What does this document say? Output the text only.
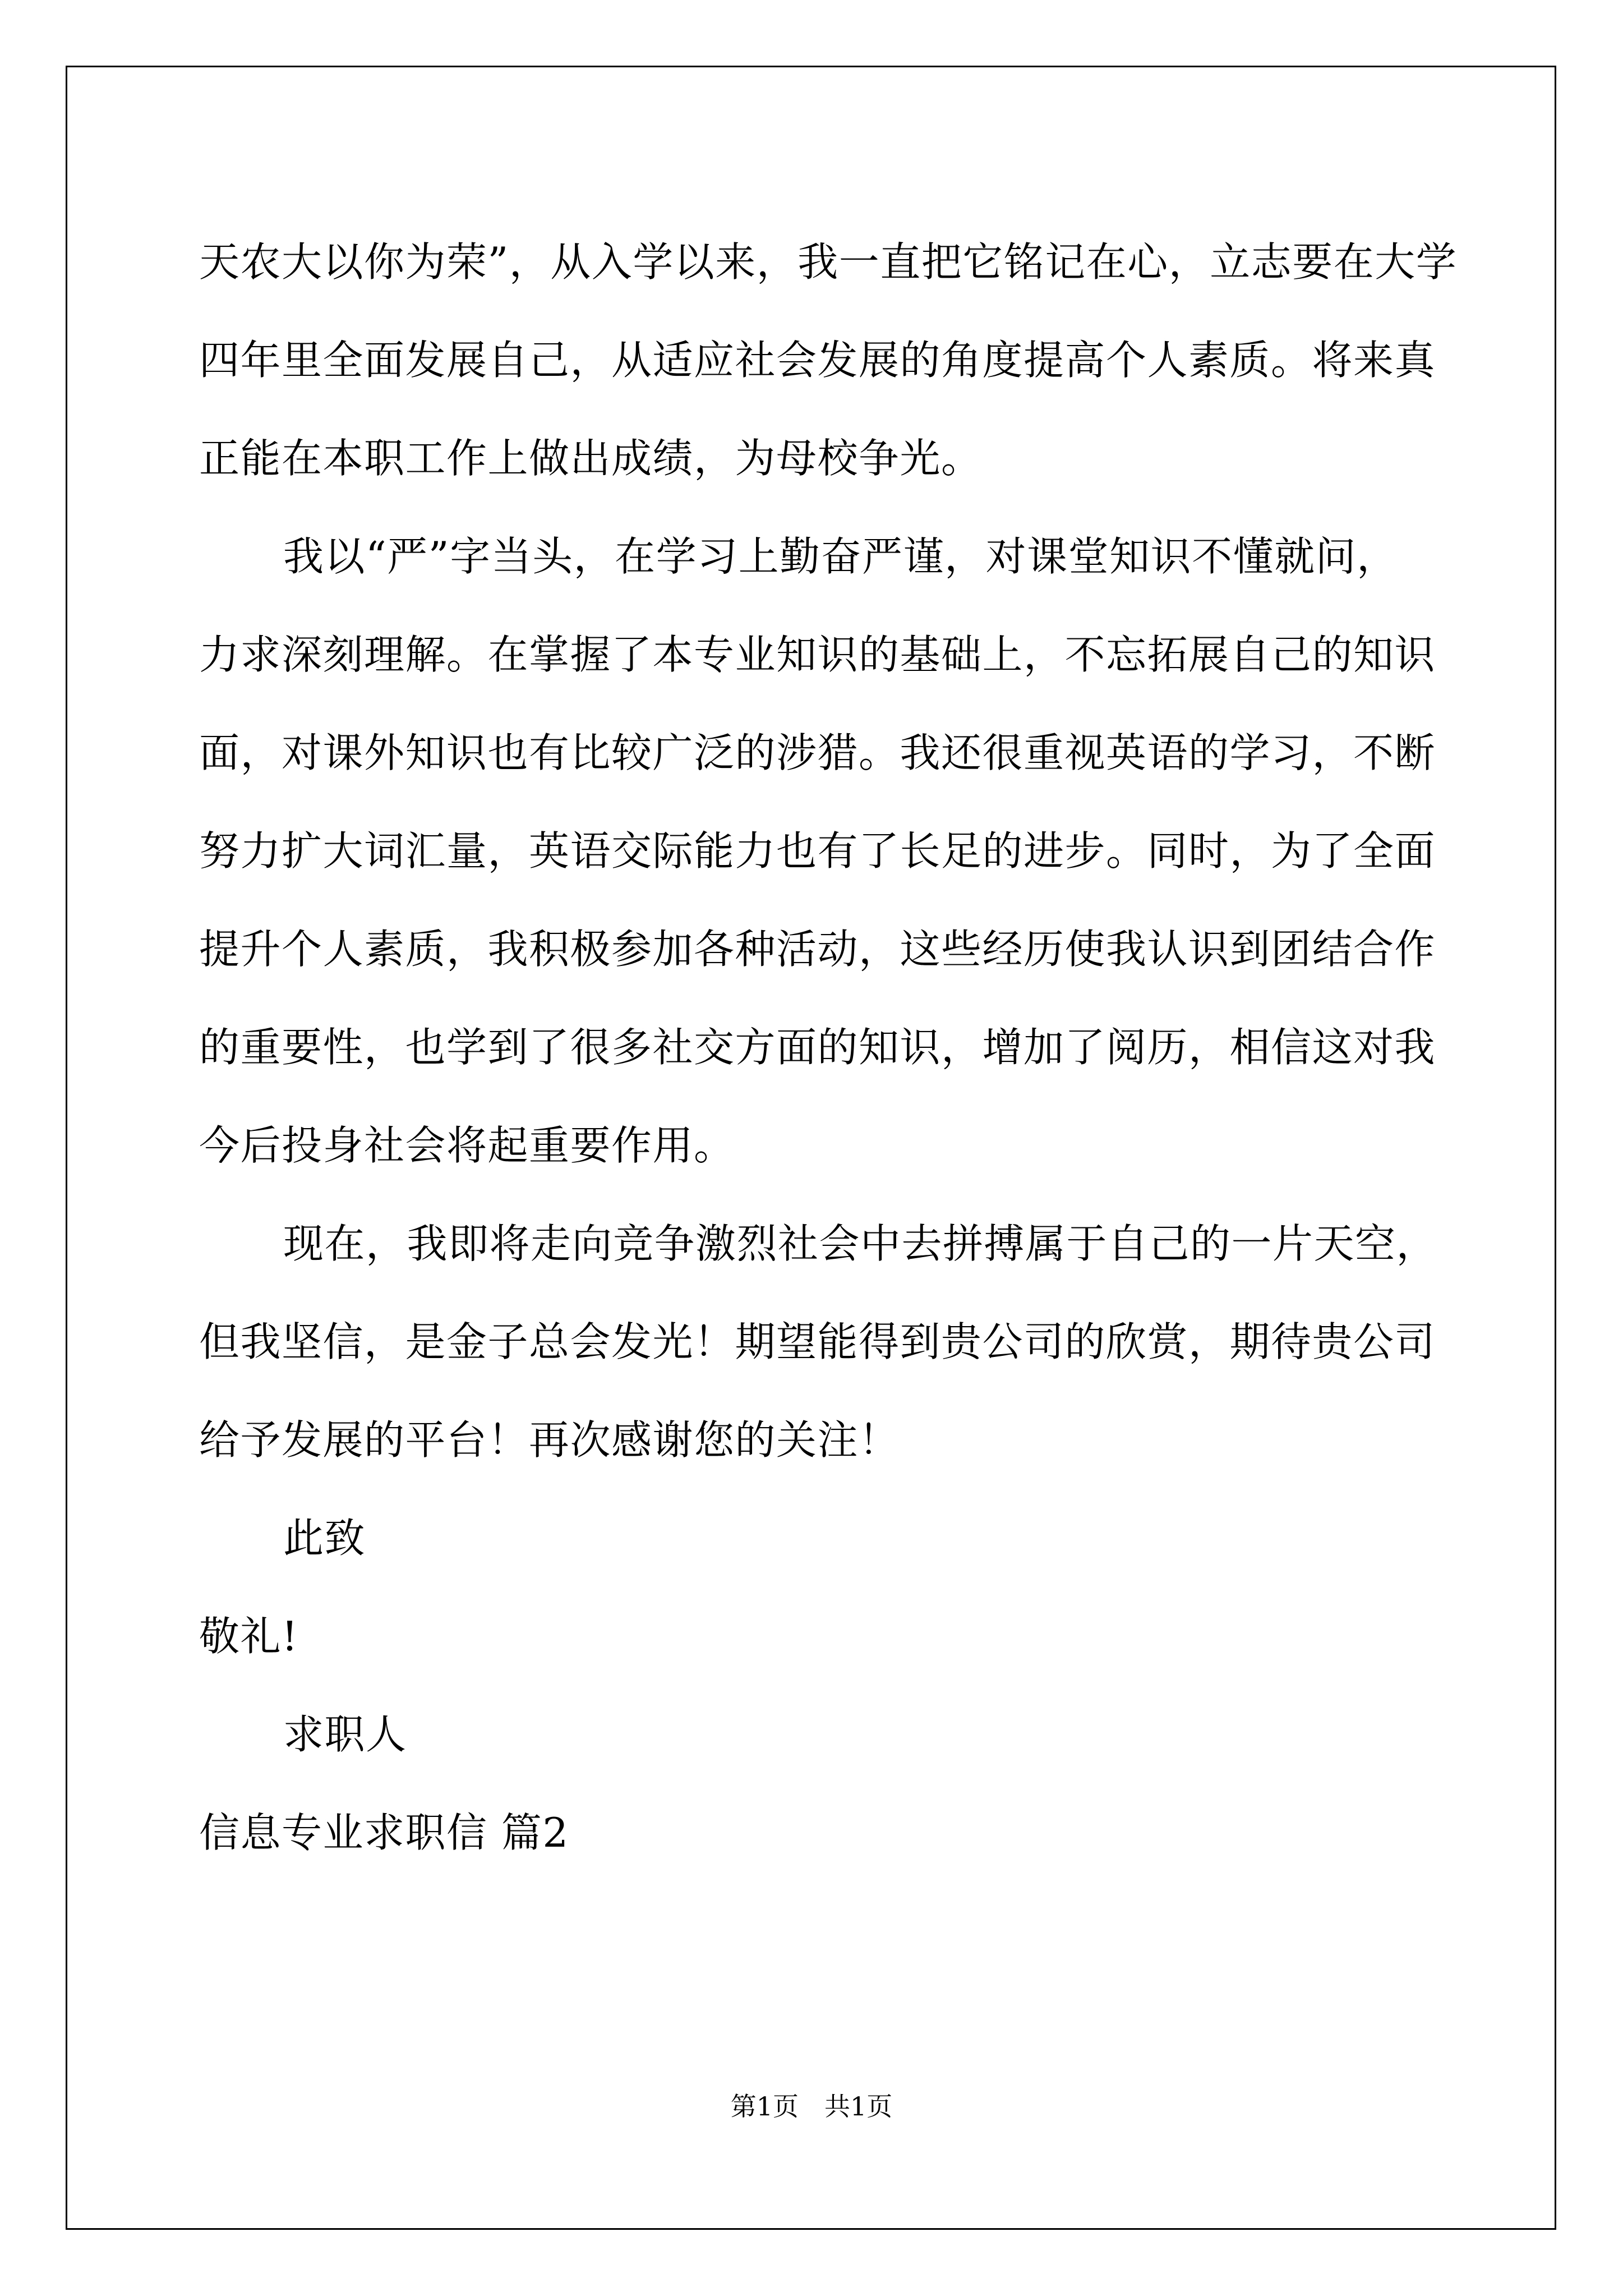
天农大以你为荣”，从入学以来，我一直把它铭记在心，立志要在大学
四年里全面发展自己，从适应社会发展的角度提高个人素质。将来真
正能在本职工作上做出成绩，为母校争光。
我以“严”字当头，在学习上勤奋严谨，对课堂知识不懂就问，
力求深刻理解。在掌握了本专业知识的基础上，不忘拓展自己的知识
面，对课外知识也有比较广泛的涉猎。我还很重视英语的学习，不断
努力扩大词汇量，英语交际能力也有了长足的进步。同时，为了全面
提升个人素质，我积极参加各种活动，这些经历使我认识到团结合作
的重要性，也学到了很多社交方面的知识，增加了阅历，相信这对我
今后投身社会将起重要作用。
现在，我即将走向竞争激烈社会中去拼搏属于自己的一片天空，
但我坚信，是金子总会发光！期望能得到贵公司的欣赏，期待贵公司
给予发展的平台！再次感谢您的关注！
此致
敬礼!
求职人
信息专业求职信 篇2
第1页　共1页
